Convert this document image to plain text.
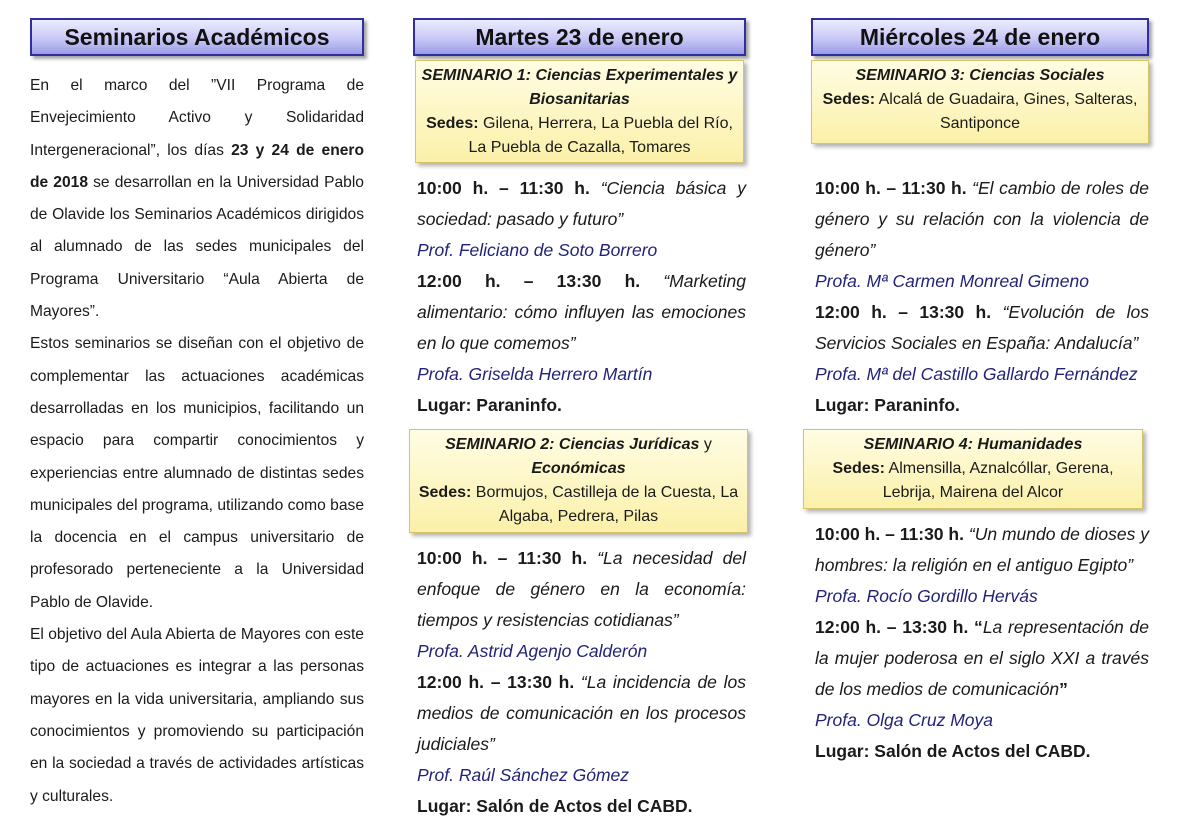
Seminarios Académicos

En el marco del ”VII Programa de Envejecimiento Activo y Solidaridad Intergeneracional”, los días 23 y 24 de enero de 2018 se desarrollan en la Universidad Pablo de Olavide los Seminarios Académicos dirigidos al alumnado de las sedes municipales del Programa Universitario “Aula Abierta de Mayores”.

Estos seminarios se diseñan con el objetivo de complementar las actuaciones académicas desarrolladas en los municipios, facilitando un espacio para compartir conocimientos y experiencias entre alumnado de distintas sedes municipales del programa, utilizando como base la docencia en el campus universitario de profesorado perteneciente a la Universidad Pablo de Olavide.

El objetivo del Aula Abierta de Mayores con este tipo de actuaciones es integrar a las personas mayores en la vida universitaria, ampliando sus conocimientos y promoviendo su participación en la sociedad a través de actividades artísticas y culturales.

Martes 23 de enero
SEMINARIO 1: Ciencias Experimentales y Biosanitarias
Sedes: Gilena, Herrera, La Puebla del Río, La Puebla de Cazalla, Tomares
10:00 h. – 11:30 h. “Ciencia básica y sociedad: pasado y futuro”
Prof. Feliciano de Soto Borrero
12:00 h. – 13:30 h. “Marketing alimentario: cómo influyen las emociones en lo que comemos”
Profa. Griselda Herrero Martín
Lugar: Paraninfo.
SEMINARIO 2: Ciencias Jurídicas y Económicas
Sedes: Bormujos, Castilleja de la Cuesta, La Algaba, Pedrera, Pilas
10:00 h. – 11:30 h. “La necesidad del enfoque de género en la economía: tiempos y resistencias cotidianas”
Profa. Astrid Agenjo Calderón
12:00 h. – 13:30 h. “La incidencia de los medios de comunicación en los procesos judiciales”
Prof. Raúl Sánchez Gómez
Lugar: Salón de Actos del CABD.
Miércoles 24 de enero
SEMINARIO 3: Ciencias Sociales
Sedes: Alcalá de Guadaira, Gines, Salteras, Santiponce
10:00 h. – 11:30 h. “El cambio de roles de género y su relación con la violencia de género”
Profa. Mª Carmen Monreal Gimeno
12:00 h. – 13:30 h. “Evolución de los Servicios Sociales en España: Andalucía”
Profa. Mª del Castillo Gallardo Fernández
Lugar: Paraninfo.
SEMINARIO 4: Humanidades
Sedes: Almensilla, Aznalcóllar, Gerena, Lebrija, Mairena del Alcor
10:00 h. – 11:30 h. “Un mundo de dioses y hombres: la religión en el antiguo Egipto”
Profa. Rocío Gordillo Hervás
12:00 h. – 13:30 h. “La representación de la mujer poderosa en el siglo XXI a través de los medios de comunicación”
Profa. Olga Cruz Moya
Lugar: Salón de Actos del CABD.
